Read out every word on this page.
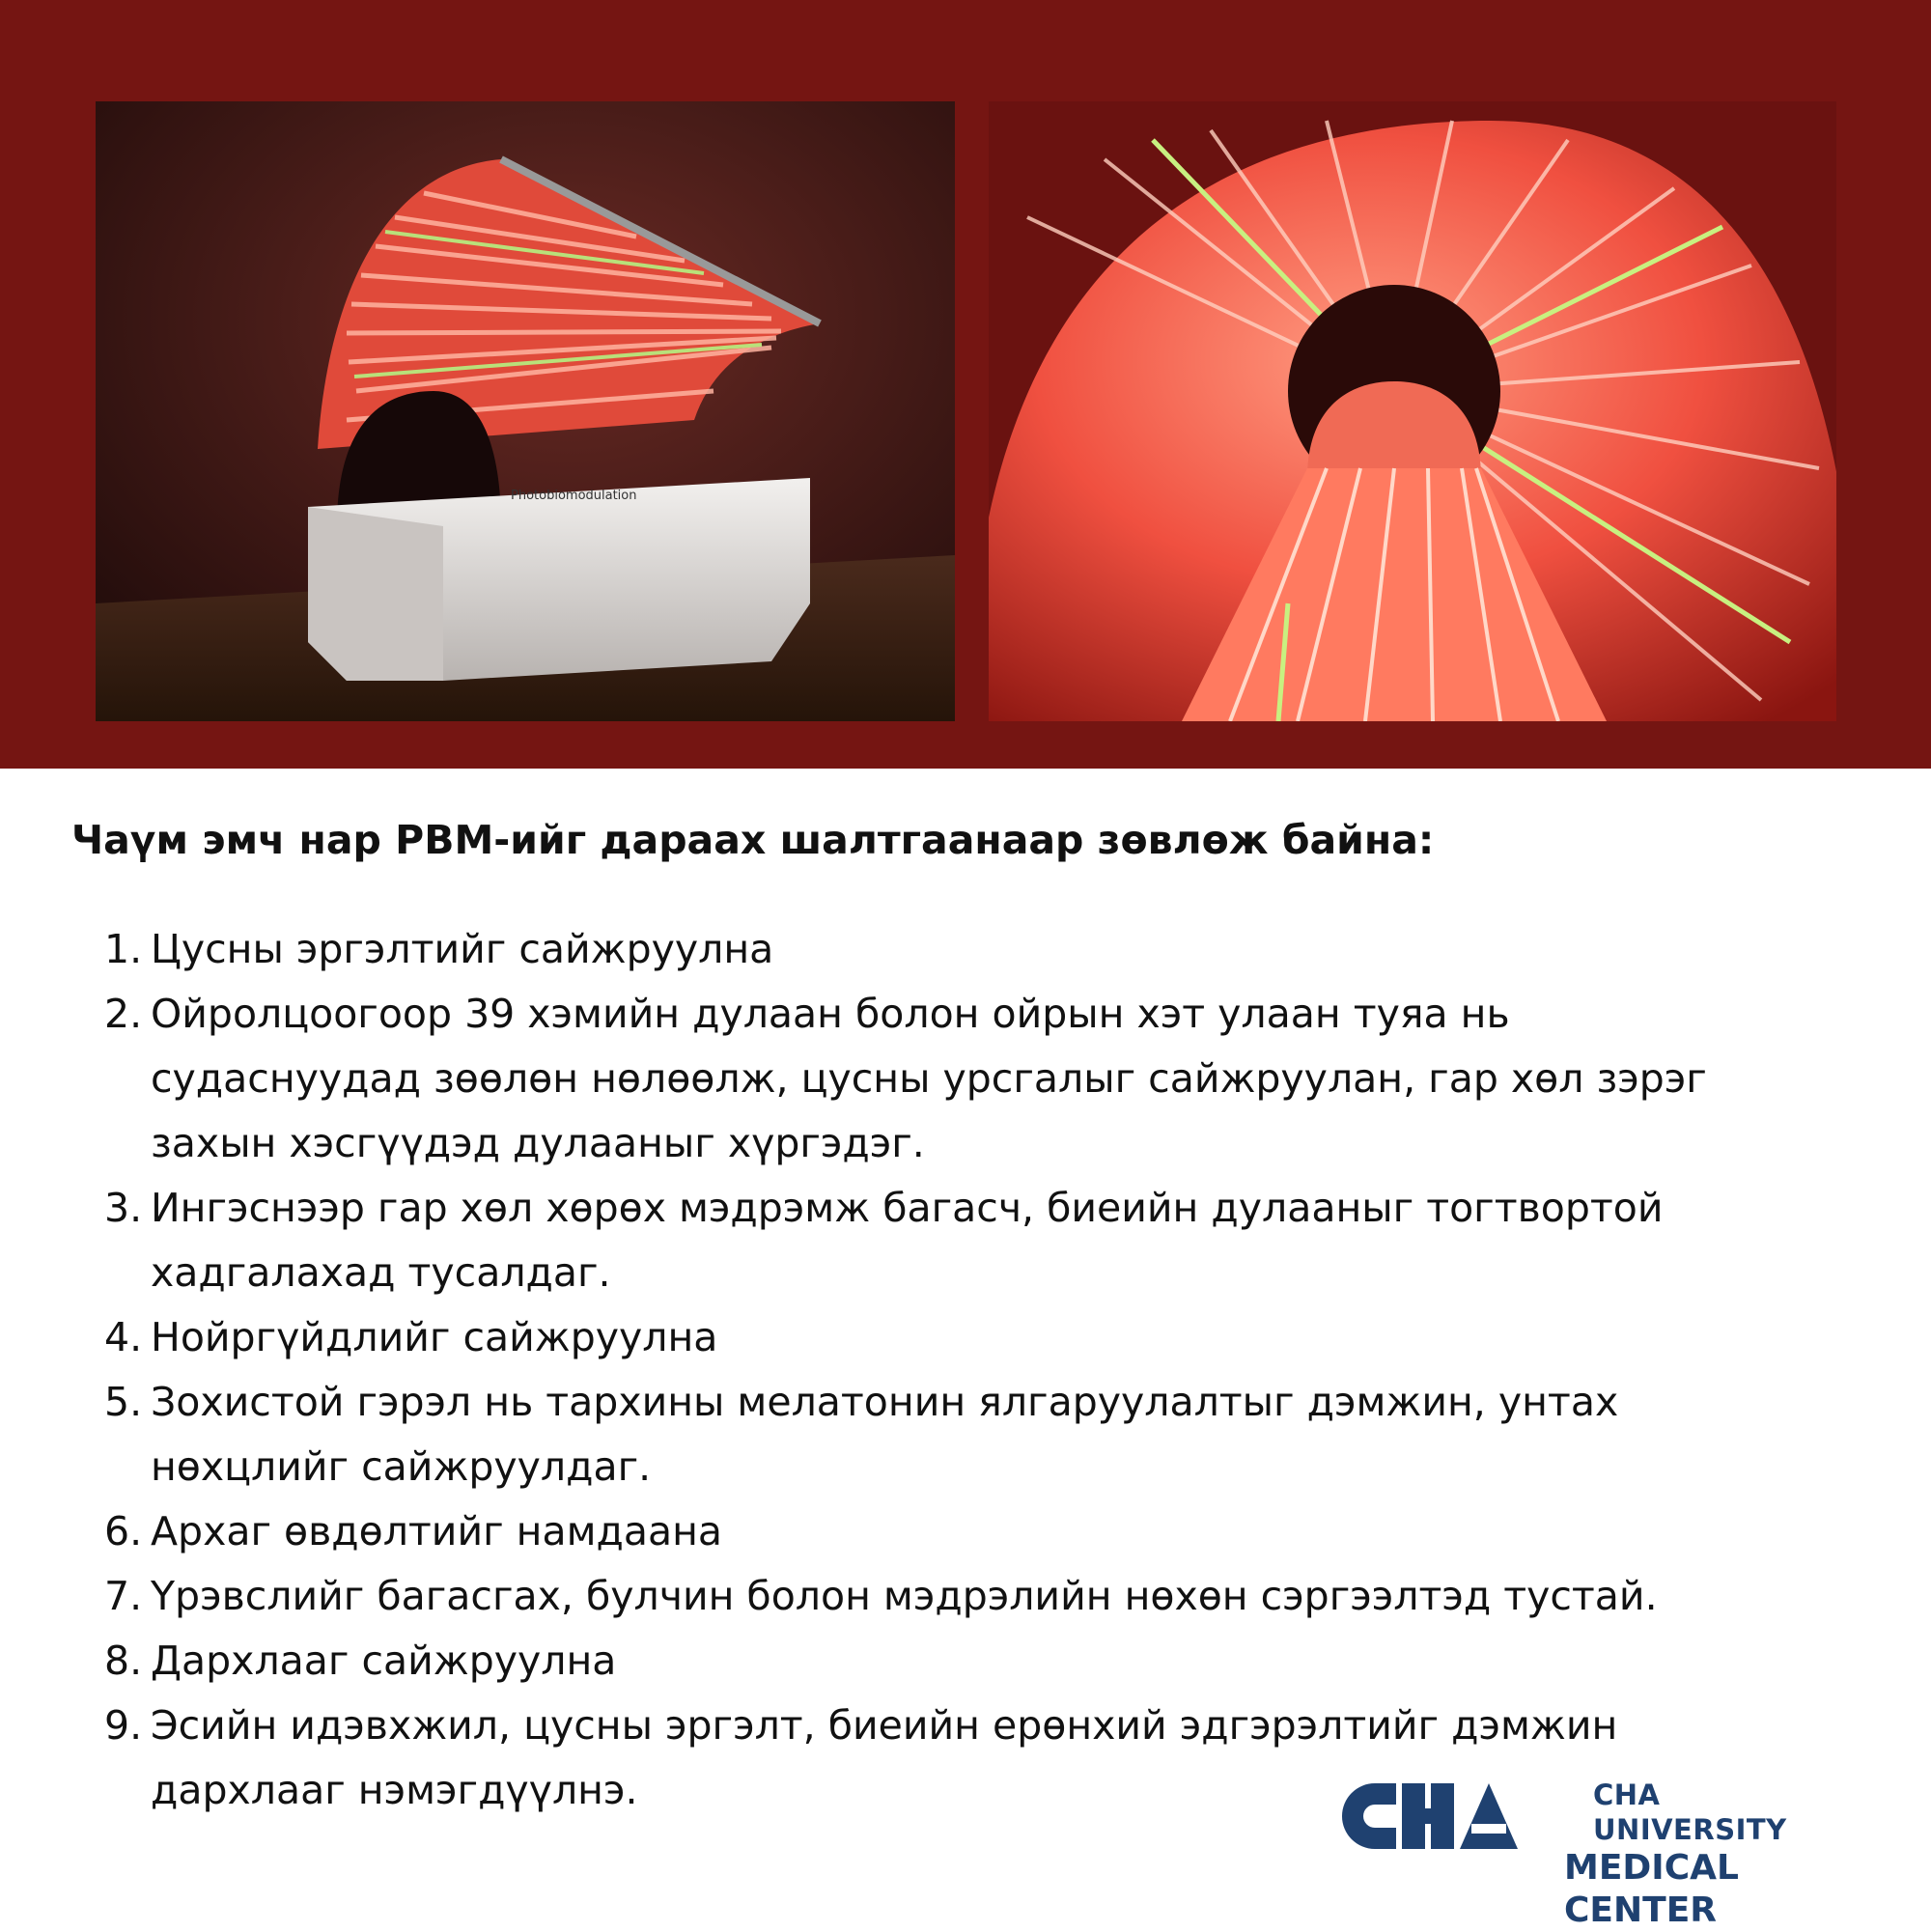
Photobiomodulation
Чаүм эмч нар PBM-ийг дараах шалтгаанаар зөвлөж байна:
1. Цусны эргэлтийг сайжруулна
2. Ойролцоогоор 39 хэмийн дулаан болон ойрын хэт улаан туяа нь
судаснуудад зөөлөн нөлөөлж, цусны урсгалыг сайжруулан, гар хөл зэрэг
захын хэсгүүдэд дулааныг хүргэдэг.
3. Ингэснээр гар хөл хөрөх мэдрэмж багасч, биеийн дулааныг тогтвортой
хадгалахад тусалдаг.
4. Нойргүйдлийг сайжруулна
5. Зохистой гэрэл нь тархины мелатонин ялгаруулалтыг дэмжин, унтах
нөхцлийг сайжруулдаг.
6. Архаг өвдөлтийг намдаана
7. Үрэвслийг багасгах, булчин болон мэдрэлийн нөхөн сэргээлтэд тустай.
8. Дархлааг сайжруулна
9. Эсийн идэвхжил, цусны эргэлт, биеийн ерөнхий эдгэрэлтийг дэмжин
дархлааг нэмэгдүүлнэ.	CHA UNIVERSITY
MEDICAL CENTER
